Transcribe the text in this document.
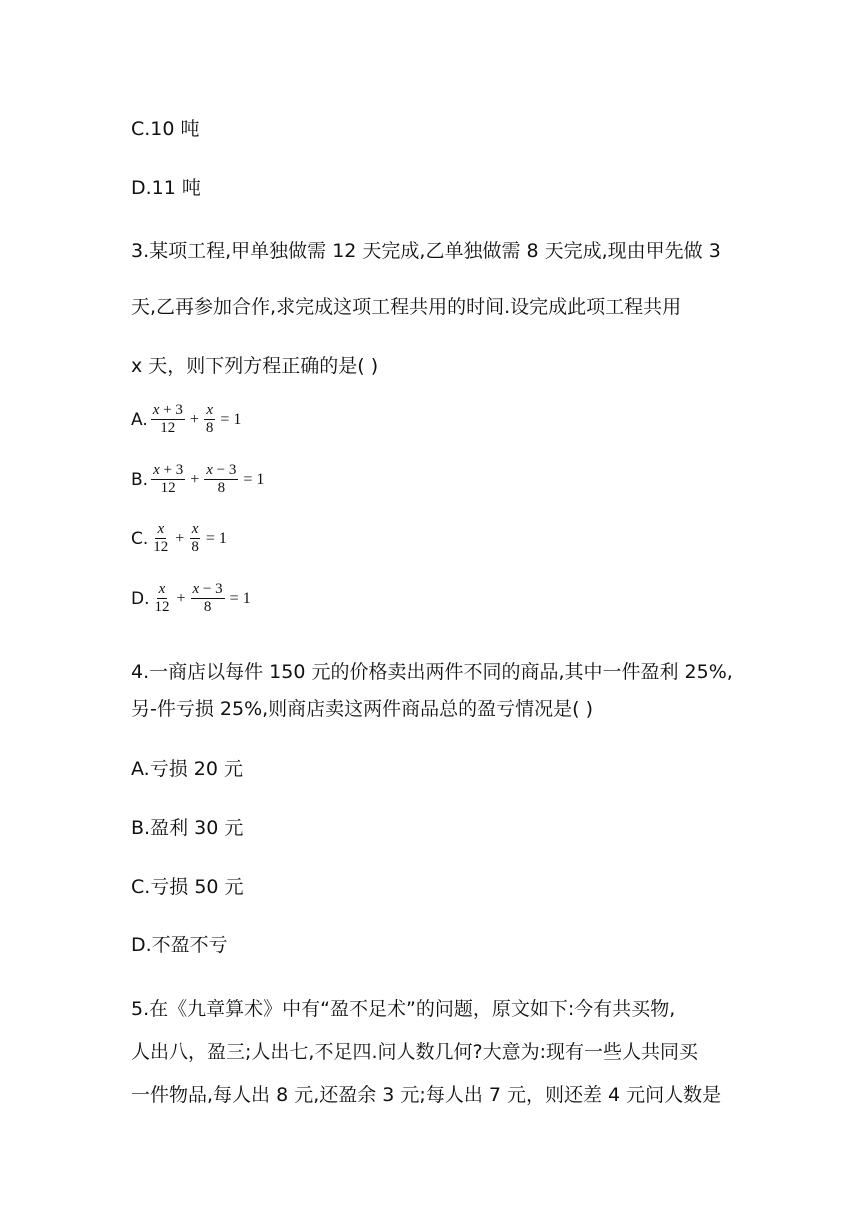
C.10 吨
D.11 吨
3.某项工程,甲单独做需 12 天完成,乙单独做需 8 天完成,现由甲先做 3
天,乙再参加合作,求完成这项工程共用的时间.设完成此项工程共用
x 天，则下列方程正确的是( )
A. $\frac{x + 3}{12} + \frac{x}{8} = 1$
B. $\frac{x + 3}{12} + \frac{x - 3}{8} = 1$
C. $\frac{x}{12} + \frac{x}{8} = 1$
D. $\frac{x}{12} + \frac{x - 3}{8} = 1$
4.一商店以每件 150 元的价格卖出两件不同的商品,其中一件盈利 25%,
另-件亏损 25%,则商店卖这两件商品总的盈亏情况是( )
A.亏损 20 元
B.盈利 30 元
C.亏损 50 元
D.不盈不亏
5.在《九章算术》中有“盈不足术”的问题，原文如下:今有共买物,
人出八，盈三;人出七,不足四.问人数几何?大意为:现有一些人共同买
一件物品,每人出 8 元,还盈余 3 元;每人出 7 元，则还差 4 元问人数是
